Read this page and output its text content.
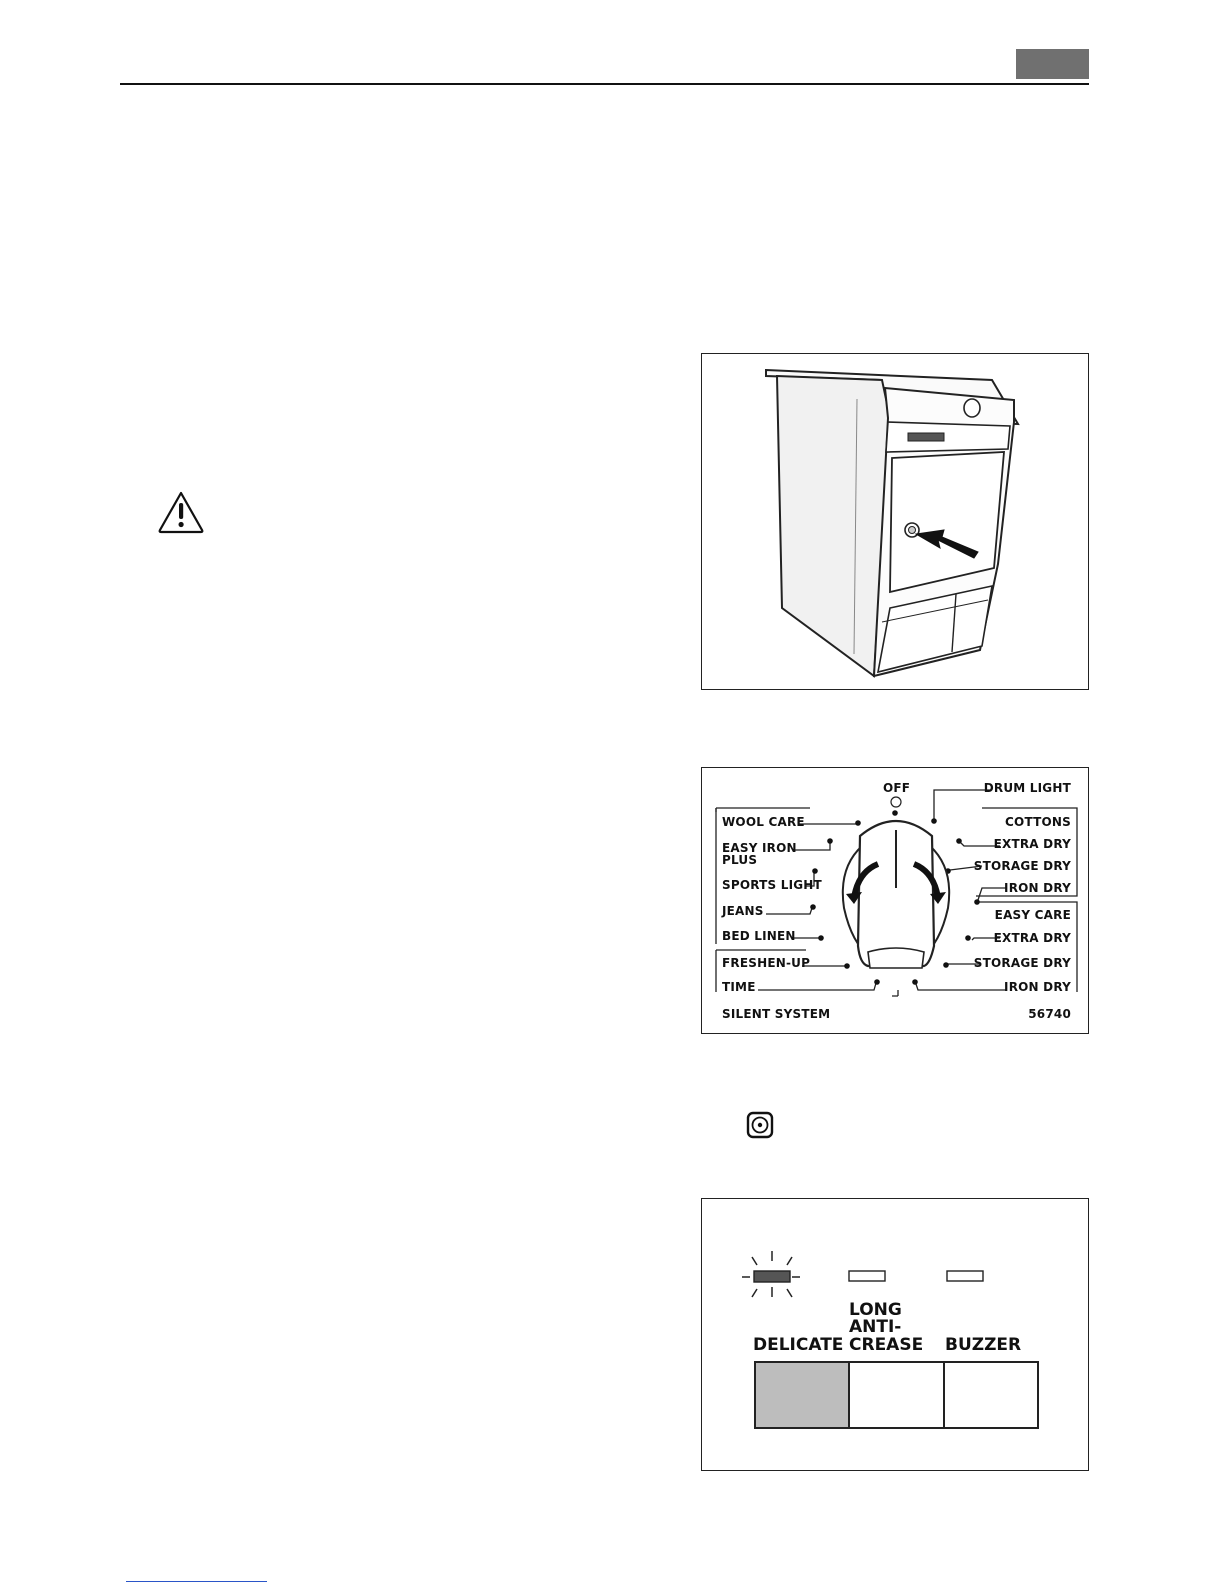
OFF
WOOL CARE
EASY IRON
PLUS
SPORTS LIGHT
JEANS
BED LINEN
FRESHEN-UP
TIME
DRUM LIGHT
COTTONS
EXTRA DRY
STORAGE DRY
IRON DRY
EASY CARE
EXTRA DRY
STORAGE DRY
IRON DRY
SILENT SYSTEM	56740
LONG
ANTI-
DELICATE CREASE BUZZER
